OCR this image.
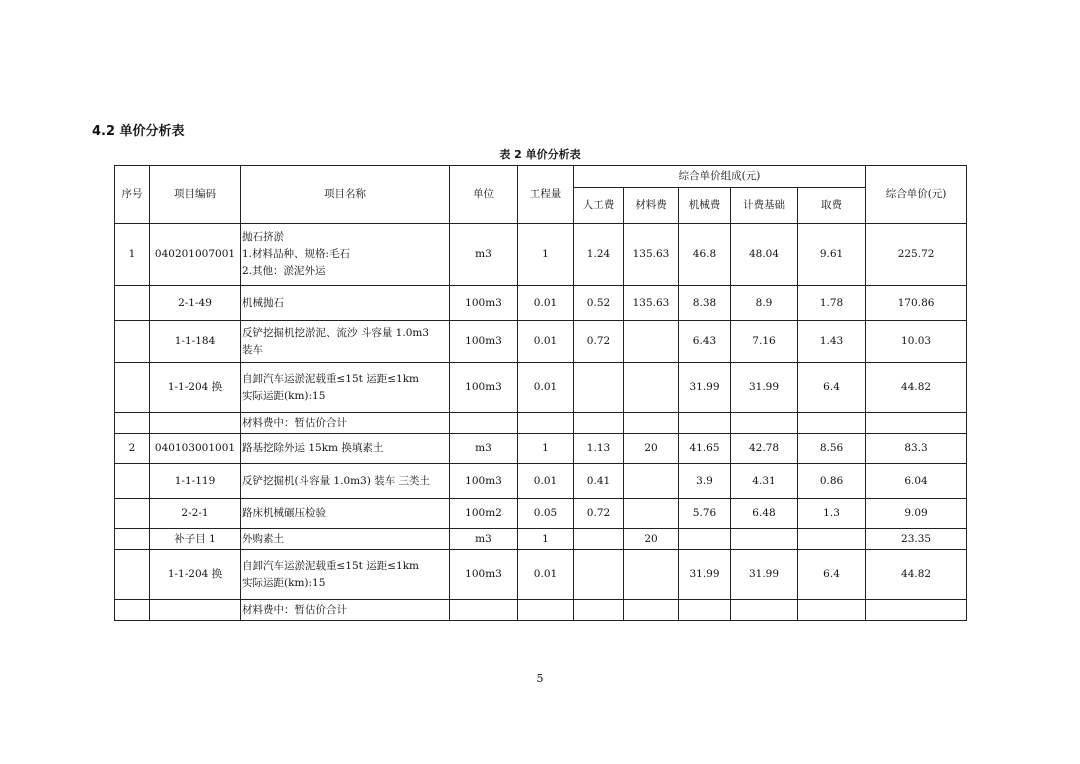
4.2 单价分析表
表 2 单价分析表
序号	项目编码	项目名称	单位	工程量	综合单价组成(元)					综合单价(元)
					人工费	材料费	机械费	计费基础	取费	
1	040201007001	抛石挤淤
1.材料品种、规格:毛石
2.其他：淤泥外运	m3	1	1.24	135.63	46.8	48.04	9.61	225.72
	2-1-49	机械抛石	100m3	0.01	0.52	135.63	8.38	8.9	1.78	170.86
	1-1-184	反铲挖掘机挖淤泥、流沙 斗容量 1.0m3
装车	100m3	0.01	0.72		6.43	7.16	1.43	10.03
	1-1-204 换	自卸汽车运淤泥载重≤15t 运距≤1km
实际运距(km):15	100m3	0.01			31.99	31.99	6.4	44.82

		材料费中：暂估价合计								

2	040103001001	路基挖除外运 15km 换填素土	m3	1	1.13	20	41.65	42.78	8.56	83.3
	1-1-119	反铲挖掘机(斗容量 1.0m3) 装车 三类土	100m3	0.01	0.41		3.9	4.31	0.86	6.04
	2-2-1	路床机械碾压检验	100m2	0.05	0.72		5.76	6.48	1.3	9.09
	补子目 1	外购素土	m3	1		20				23.35
	1-1-204 换	自卸汽车运淤泥载重≤15t 运距≤1km
实际运距(km):15	100m3	0.01			31.99	31.99	6.4	44.82

		材料费中：暂估价合计								

5
